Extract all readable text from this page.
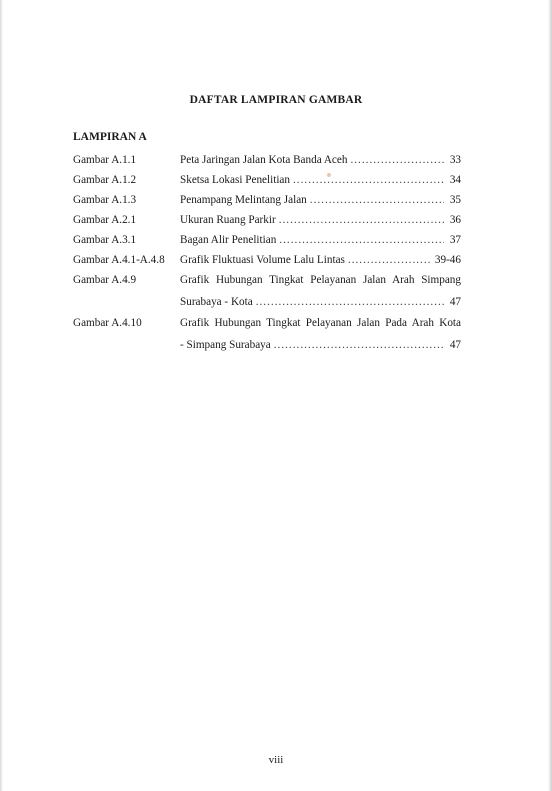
DAFTAR LAMPIRAN GAMBAR
LAMPIRAN A
Gambar A.1.1	Peta Jaringan Jalan Kota Banda Aceh .....	33
Gambar A.1.2	Sketsa Lokasi Penelitian .....	34
Gambar A.1.3	Penampang Melintang Jalan .....	35
Gambar A.2.1	Ukuran Ruang Parkir .....	36
Gambar A.3.1	Bagan Alir Penelitian .....	37
Gambar A.4.1-A.4.8 Grafik Fluktuasi Volume Lalu Lintas .....	39-46
Gambar A.4.9	Grafik Hubungan Tingkat Pelayanan Jalan Arah Simpang
Surabaya - Kota .....	47
Gambar A.4.10	Grafik Hubungan Tingkat Pelayanan Jalan Pada Arah Kota
- Simpang Surabaya .....	47
viii
